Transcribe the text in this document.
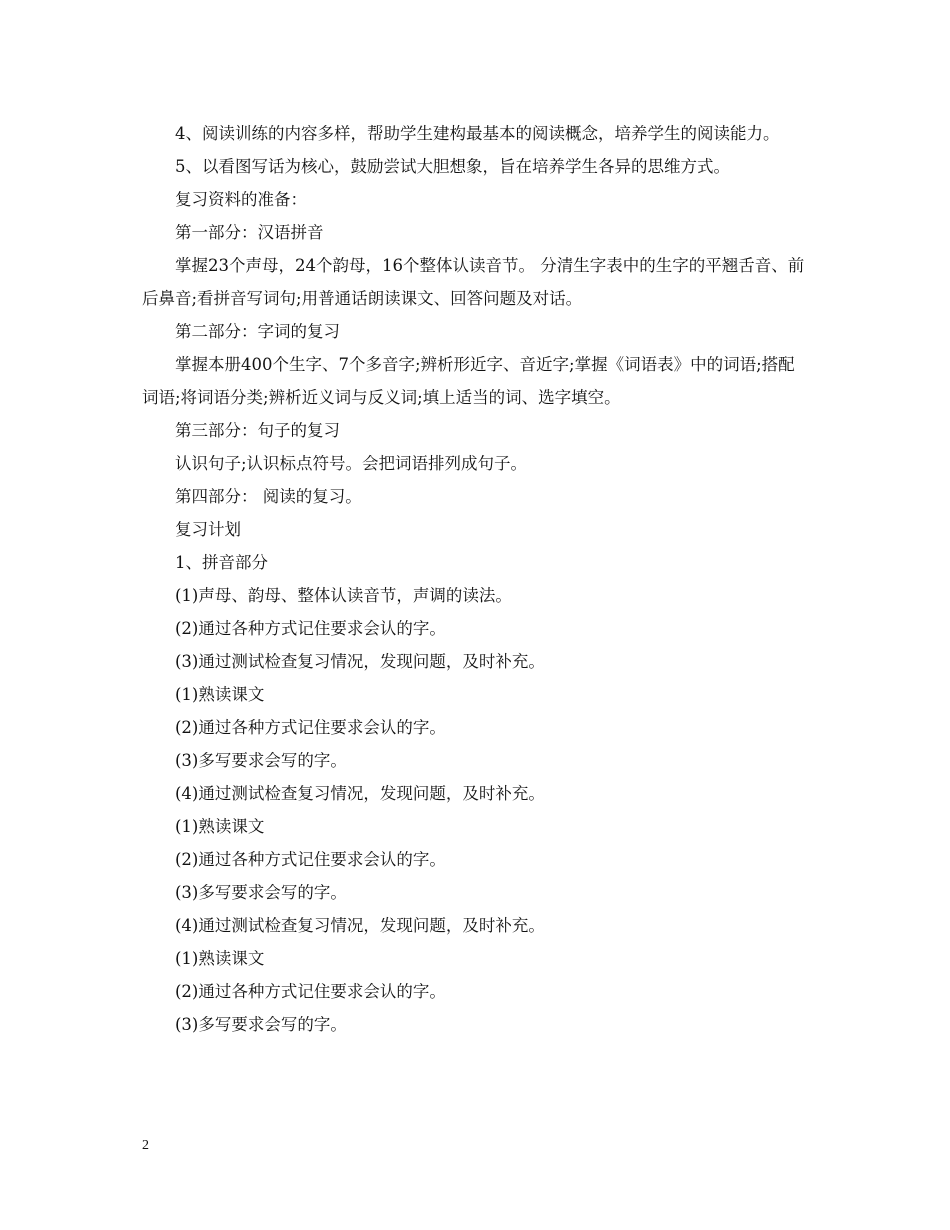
4、阅读训练的内容多样，帮助学生建构最基本的阅读概念，培养学生的阅读能力。

5、以看图写话为核心，鼓励尝试大胆想象，旨在培养学生各异的思维方式。

复习资料的准备：

第一部分：汉语拼音

掌握23个声母，24个韵母，16个整体认读音节。 分清生字表中的生字的平翘舌音、前后鼻音;看拼音写词句;用普通话朗读课文、回答问题及对话。

第二部分：字词的复习

掌握本册400个生字、7个多音字;辨析形近字、音近字;掌握《词语表》中的词语;搭配词语;将词语分类;辨析近义词与反义词;填上适当的词、选字填空。

第三部分：句子的复习

认识句子;认识标点符号。会把词语排列成句子。

第四部分： 阅读的复习。

复习计划

1、拼音部分

(1)声母、韵母、整体认读音节，声调的读法。

(2)通过各种方式记住要求会认的字。

(3)通过测试检查复习情况，发现问题，及时补充。

(1)熟读课文

(2)通过各种方式记住要求会认的字。

(3)多写要求会写的字。

(4)通过测试检查复习情况，发现问题，及时补充。

(1)熟读课文

(2)通过各种方式记住要求会认的字。

(3)多写要求会写的字。

(4)通过测试检查复习情况，发现问题，及时补充。

(1)熟读课文

(2)通过各种方式记住要求会认的字。

(3)多写要求会写的字。

2
